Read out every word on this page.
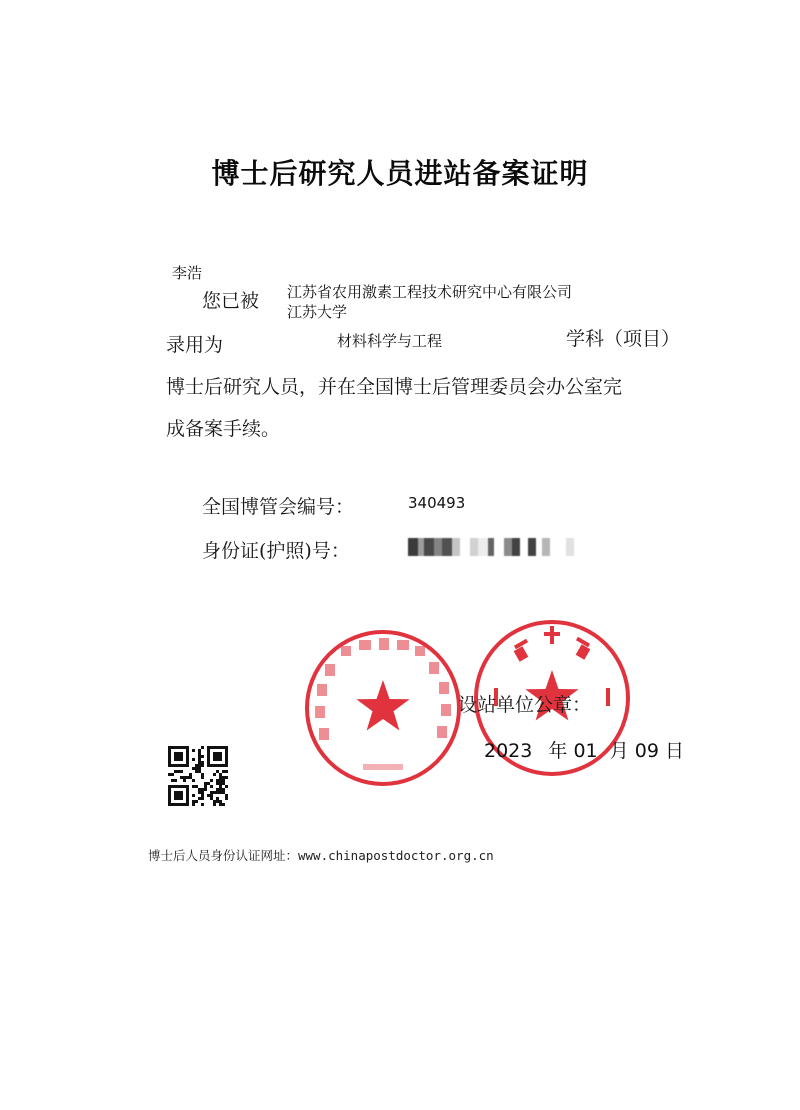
博士后研究人员进站备案证明
李浩
您已被 江苏省农用激素工程技术研究中心有限公司
江苏大学
录用为	材料科学与工程	学科（项目）
博士后研究人员，并在全国博士后管理委员会办公室完
成备案手续。
全国博管会编号：	340493
身份证(护照)号：
设站单位公章：
2023 年 01 月 09 日
博士后人员身份认证网址：www.chinapostdoctor.org.cn
